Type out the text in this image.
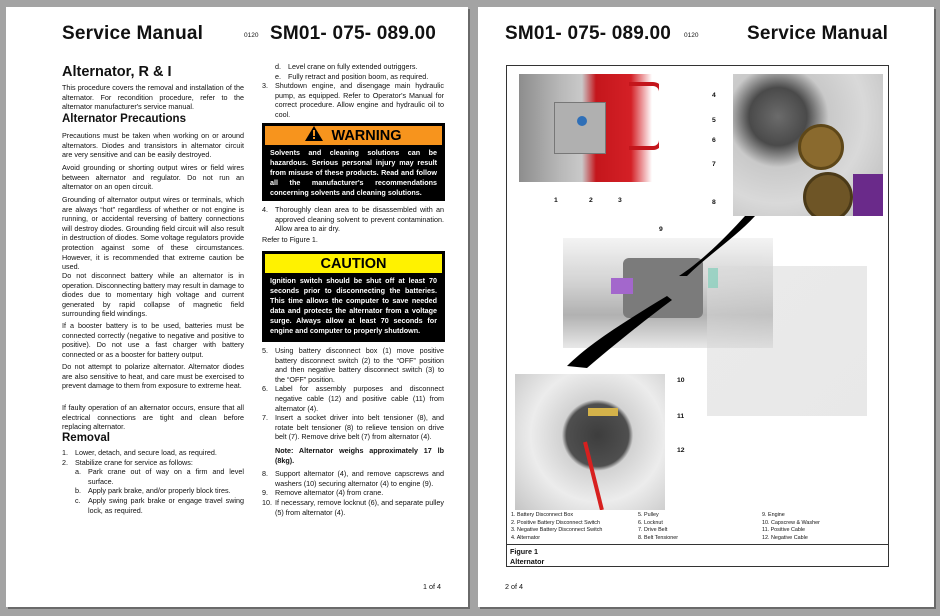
Service Manual	0120 SM01- 075- 089.00
Alternator, R & I
This procedure covers the removal and installation of the alternator. For recondition procedure, refer to the alternator manufacturer's service manual.
Alternator Precautions
Precautions must be taken when working on or around alternators. Diodes and transistors in alternator circuit are very sensitive and can be easily destroyed.
Avoid grounding or shorting output wires or field wires between alternator and regulator. Do not run an alternator on an open circuit.
Grounding of alternator output wires or terminals, which are always “hot” regardless of whether or not engine is running, or accidental reversing of battery connections will destroy diodes. Grounding field circuit will also result in destruction of diodes. Some voltage regulators provide protection against some of these circumstances. However, it is recommended that extreme caution be used.
Do not disconnect battery while an alternator is in operation. Disconnecting battery may result in damage to diodes due to momentary high voltage and current generated by rapid collapse of magnetic field surrounding field windings.
If a booster battery is to be used, batteries must be connected correctly (negative to negative and positive to positive). Do not use a fast charger with battery connected or as a booster for battery output.
Do not attempt to polarize alternator. Alternator diodes are also sensitive to heat, and care must be exercised to prevent damage to them from exposure to extreme heat.
If faulty operation of an alternator occurs, ensure that all electrical connections are tight and clean before replacing alternator.
Removal
1. Lower, detach, and secure load, as required.
2. Stabilize crane for service as follows:
a. Park crane out of way on a firm and level surface.
b. Apply park brake, and/or properly block tires.
c. Apply swing park brake or engage travel swing lock, as required.
d. Level crane on fully extended outriggers.
e. Fully retract and position boom, as required.
3. Shutdown engine, and disengage main hydraulic pump, as equipped. Refer to Operator's Manual for correct procedure. Allow engine and hydraulic oil to cool.
WARNING
Solvents and cleaning solutions can be hazardous. Serious personal injury may result from misuse of these products. Read and follow all the manufacturer's recommendations concerning solvents and cleaning solutions.
4. Thoroughly clean area to be disassembled with an approved cleaning solvent to prevent contamination. Allow area to air dry.
Refer to Figure 1.
CAUTION
Ignition switch should be shut off at least 70 seconds prior to disconnecting the batteries. This time allows the computer to save needed data and protects the alternator from a voltage surge. Always allow at least 70 seconds for engine and computer to properly shutdown.
5. Using battery disconnect box (1) move positive battery disconnect switch (2) to the “OFF” position and then negative battery disconnect switch (3) to the “OFF” position.
6. Label for assembly purposes and disconnect negative cable (12) and positive cable (11) from alternator (4).
7. Insert a socket driver into belt tensioner (8), and rotate belt tensioner (8) to relieve tension on drive belt (7). Remove drive belt (7) from alternator (4).
Note: Alternator weighs approximately 17 lb (8kg).
8. Support alternator (4), and remove capscrews and washers (10) securing alternator (4) to engine (9).
9. Remove alternator (4) from crane.
10. If necessary, remove locknut (6), and separate pulley (5) from alternator (4).
1 of 4
SM01- 075- 089.00 0120	Service Manual
1	2	3
4
5
6
7
8
9
10
11
12
1. Battery Disconnect Box
2. Positive Battery Disconnect Switch
3. Negative Battery Disconnect Switch
4. Alternator
5. Pulley
6. Locknut
7. Drive Belt
8. Belt Tensioner
9. Engine
10. Capscrew & Washer
11. Positive Cable
12. Negative Cable
Figure 1
Alternator
2 of 4
